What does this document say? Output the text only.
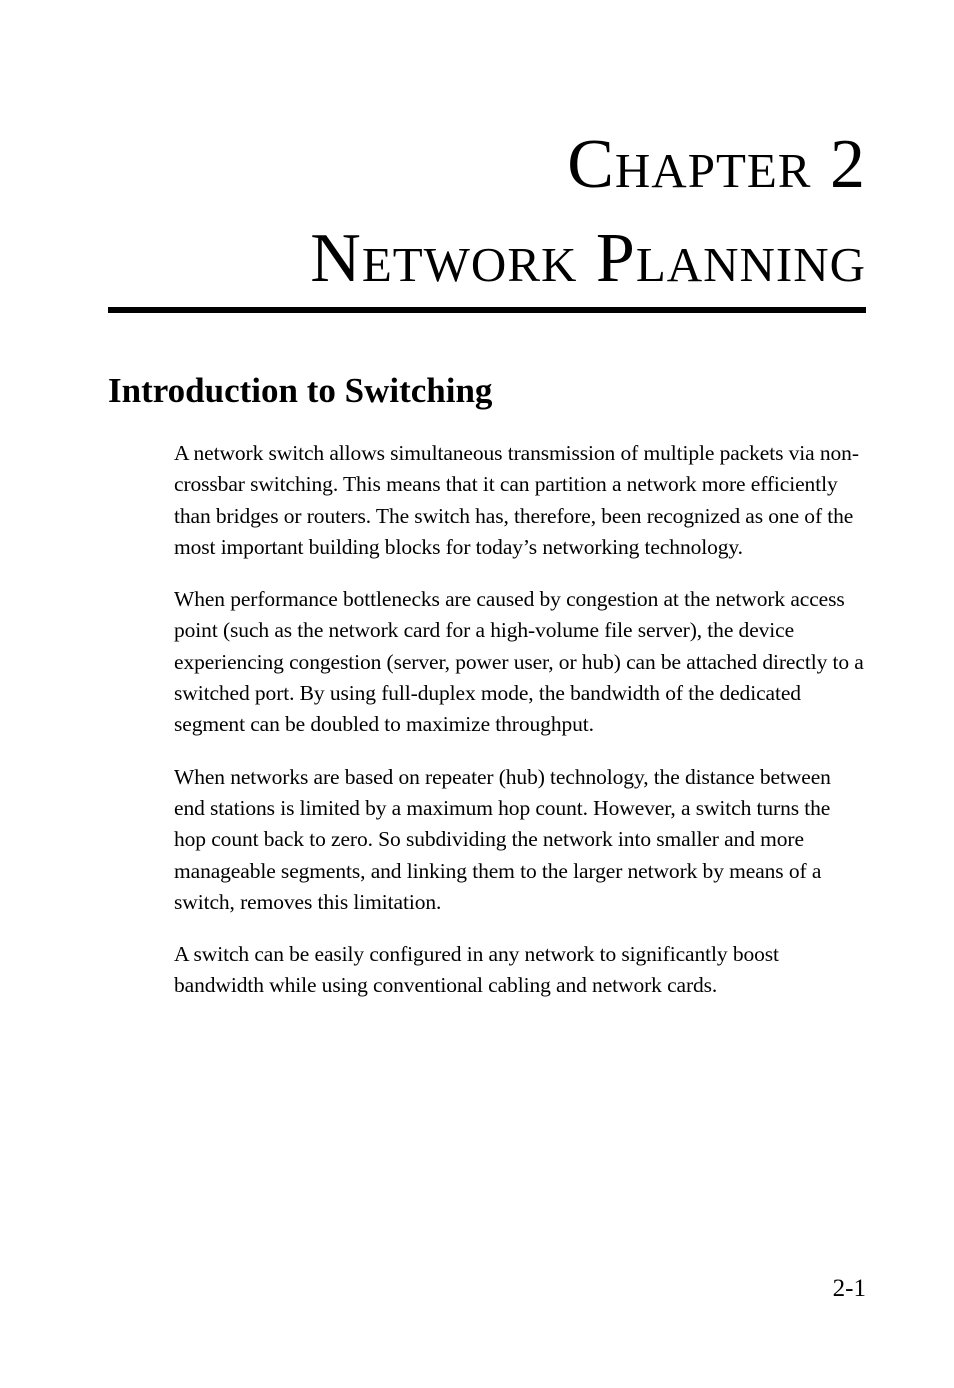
Chapter 2
Network Planning
Introduction to Switching

A network switch allows simultaneous transmission of multiple packets via non-crossbar switching. This means that it can partition a network more efficiently than bridges or routers. The switch has, therefore, been recognized as one of the most important building blocks for today’s networking technology.

When performance bottlenecks are caused by congestion at the network access point (such as the network card for a high-volume file server), the device experiencing congestion (server, power user, or hub) can be attached directly to a switched port. By using full-duplex mode, the bandwidth of the dedicated segment can be doubled to maximize throughput.

When networks are based on repeater (hub) technology, the distance between end stations is limited by a maximum hop count. However, a switch turns the hop count back to zero. So subdividing the network into smaller and more manageable segments, and linking them to the larger network by means of a switch, removes this limitation.

A switch can be easily configured in any network to significantly boost bandwidth while using conventional cabling and network cards.

2-1
